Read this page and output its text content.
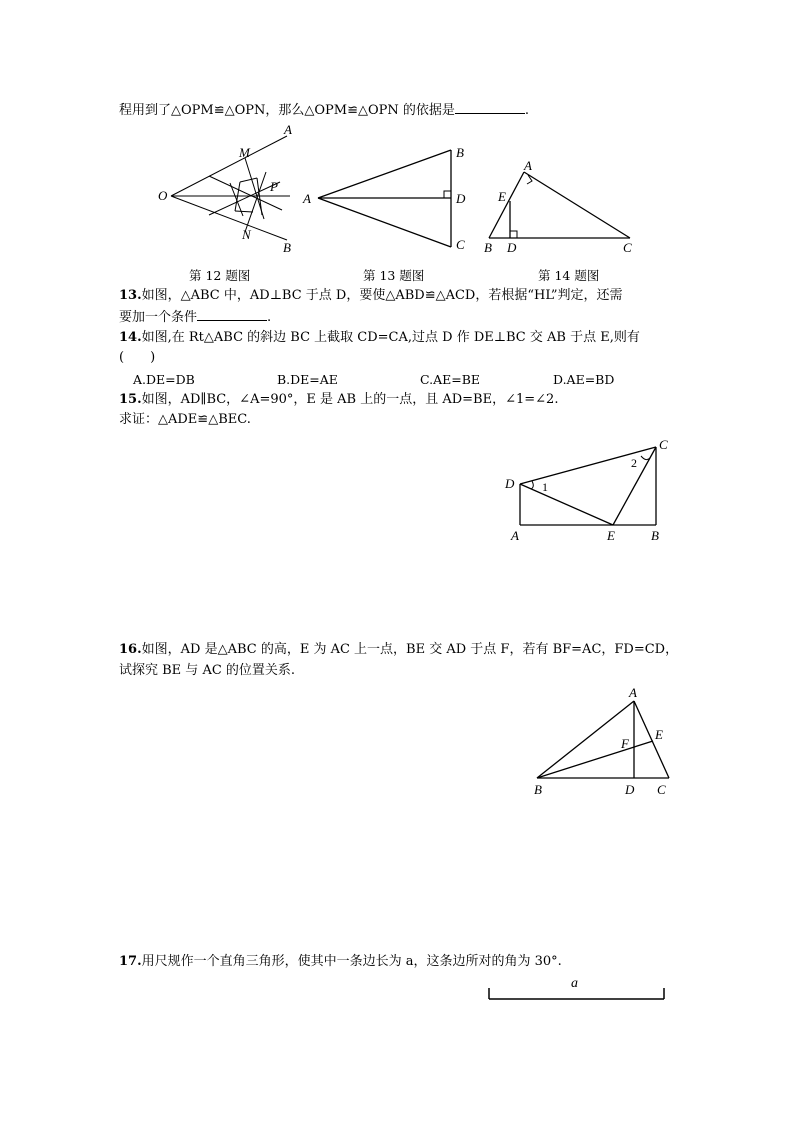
程用到了△OPM≌△OPN，那么△OPM≌△OPN 的依据是	.
O
A
B
M
N
P
第 12 题图
A
B
C
D
第 13 题图
A
B	C
D
E
第 14 题图
13.如图，△ABC 中，AD⊥BC 于点 D，要使△ABD≌△ACD，若根据“HL”判定，还需
要加一个条件	.
14.如图,在 Rt△ABC 的斜边 BC 上截取 CD=CA,过点 D 作 DE⊥BC 交 AB 于点 E,则有
(　　)
A.DE=DB	B.DE=AE	C.AE=BE	D.AE=BD
15.如图，AD∥BC，∠A=90°，E 是 AB 上的一点，且 AD=BE，∠1=∠2.
求证：△ADE≌△BEC.
A	B
C
D
E
1
2
16.如图，AD 是△ABC 的高，E 为 AC 上一点，BE 交 AD 于点 F，若有 BF=AC，FD=CD，
试探究 BE 与 AC 的位置关系.
A
B	C
D
E
F
17.用尺规作一个直角三角形，使其中一条边长为 a，这条边所对的角为 30°.
a
